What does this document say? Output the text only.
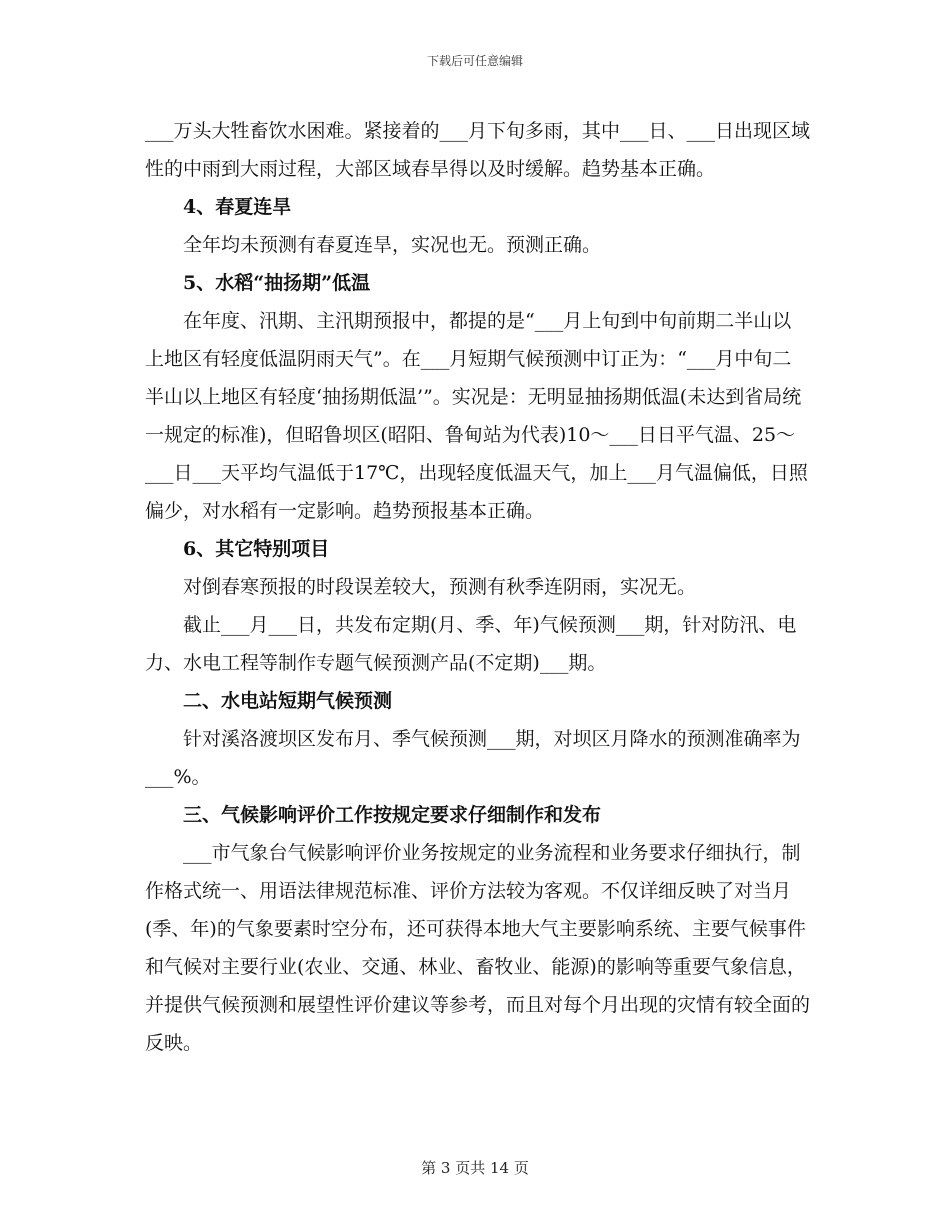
下载后可任意编辑

___万头大牲畜饮水困难。紧接着的___月下旬多雨，其中___日、___日出现区域性的中雨到大雨过程，大部区域春旱得以及时缓解。趋势基本正确。

4、春夏连旱

全年均未预测有春夏连旱，实况也无。预测正确。

5、水稻“抽扬期”低温

在年度、汛期、主汛期预报中，都提的是“___月上旬到中旬前期二半山以上地区有轻度低温阴雨天气”。在___月短期气候预测中订正为：“___月中旬二半山以上地区有轻度‘抽扬期低温’”。实况是：无明显抽扬期低温(未达到省局统一规定的标准)，但昭鲁坝区(昭阳、鲁甸站为代表)10～___日日平气温、25～___日___天平均气温低于17℃，出现轻度低温天气，加上___月气温偏低，日照偏少，对水稻有一定影响。趋势预报基本正确。

6、其它特别项目

对倒春寒预报的时段误差较大，预测有秋季连阴雨，实况无。

截止___月___日，共发布定期(月、季、年)气候预测___期，针对防汛、电力、水电工程等制作专题气候预测产品(不定期)___期。

二、水电站短期气候预测

针对溪洛渡坝区发布月、季气候预测___期，对坝区月降水的预测准确率为___%。

三、气候影响评价工作按规定要求仔细制作和发布

___市气象台气候影响评价业务按规定的业务流程和业务要求仔细执行，制作格式统一、用语法律规范标准、评价方法较为客观。不仅详细反映了对当月(季、年)的气象要素时空分布，还可获得本地大气主要影响系统、主要气候事件和气候对主要行业(农业、交通、林业、畜牧业、能源)的影响等重要气象信息，并提供气候预测和展望性评价建议等参考，而且对每个月出现的灾情有较全面的反映。

第 3 页共 14 页
